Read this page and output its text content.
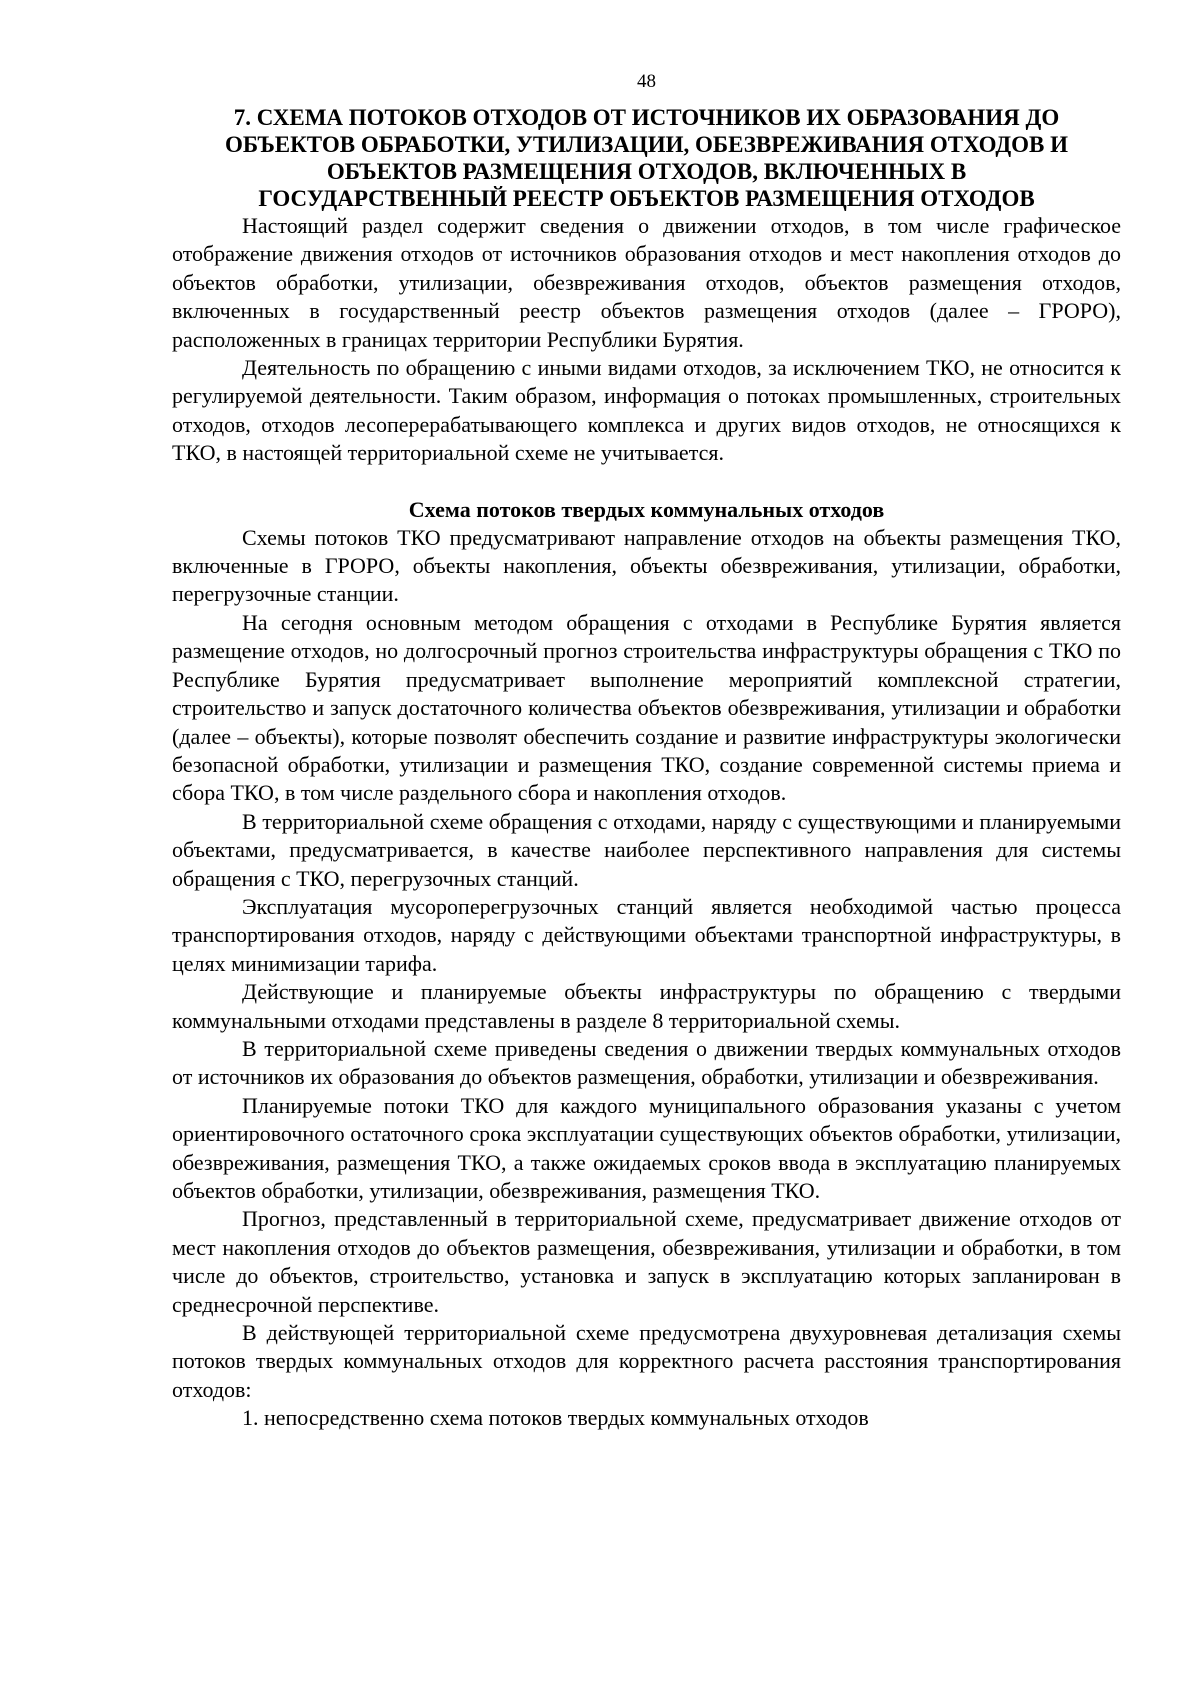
48
7. СХЕМА ПОТОКОВ ОТХОДОВ ОТ ИСТОЧНИКОВ ИХ ОБРАЗОВАНИЯ ДО
ОБЪЕКТОВ ОБРАБОТКИ, УТИЛИЗАЦИИ, ОБЕЗВРЕЖИВАНИЯ ОТХОДОВ И
ОБЪЕКТОВ РАЗМЕЩЕНИЯ ОТХОДОВ, ВКЛЮЧЕННЫХ В
ГОСУДАРСТВЕННЫЙ РЕЕСТР ОБЪЕКТОВ РАЗМЕЩЕНИЯ ОТХОДОВ

Настоящий раздел содержит сведения о движении отходов, в том числе графическое отображение движения отходов от источников образования отходов и мест накопления отходов до объектов обработки, утилизации, обезвреживания отходов, объектов размещения отходов, включенных в государственный реестр объектов размещения отходов (далее – ГРОРО), расположенных в границах территории Республики Бурятия.

Деятельность по обращению с иными видами отходов, за исключением ТКО, не относится к регулируемой деятельности. Таким образом, информация о потоках промышленных, строительных отходов, отходов лесоперерабатывающего комплекса и других видов отходов, не относящихся к ТКО, в настоящей территориальной схеме не учитывается.

Схема потоков твердых коммунальных отходов

Схемы потоков ТКО предусматривают направление отходов на объекты размещения ТКО, включенные в ГРОРО, объекты накопления, объекты обезвреживания, утилизации, обработки, перегрузочные станции.

На сегодня основным методом обращения с отходами в Республике Бурятия является размещение отходов, но долгосрочный прогноз строительства инфраструктуры обращения с ТКО по Республике Бурятия предусматривает выполнение мероприятий комплексной стратегии, строительство и запуск достаточного количества объектов обезвреживания, утилизации и обработки (далее – объекты), которые позволят обеспечить создание и развитие инфраструктуры экологически безопасной обработки, утилизации и размещения ТКО, создание современной системы приема и сбора ТКО, в том числе раздельного сбора и накопления отходов.

В территориальной схеме обращения с отходами, наряду с существующими и планируемыми объектами, предусматривается, в качестве наиболее перспективного направления для системы обращения с ТКО, перегрузочных станций.

Эксплуатация мусороперегрузочных станций является необходимой частью процесса транспортирования отходов, наряду с действующими объектами транспортной инфраструктуры, в целях минимизации тарифа.

Действующие и планируемые объекты инфраструктуры по обращению с твердыми коммунальными отходами представлены в разделе 8 территориальной схемы.

В территориальной схеме приведены сведения о движении твердых коммунальных отходов от источников их образования до объектов размещения, обработки, утилизации и обезвреживания.

Планируемые потоки ТКО для каждого муниципального образования указаны с учетом ориентировочного остаточного срока эксплуатации существующих объектов обработки, утилизации, обезвреживания, размещения ТКО, а также ожидаемых сроков ввода в эксплуатацию планируемых объектов обработки, утилизации, обезвреживания, размещения ТКО.

Прогноз, представленный в территориальной схеме, предусматривает движение отходов от мест накопления отходов до объектов размещения, обезвреживания, утилизации и обработки, в том числе до объектов, строительство, установка и запуск в эксплуатацию которых запланирован в среднесрочной перспективе.

В действующей территориальной схеме предусмотрена двухуровневая детализация схемы потоков твердых коммунальных отходов для корректного расчета расстояния транспортирования отходов:

1. непосредственно схема потоков твердых коммунальных отходов
